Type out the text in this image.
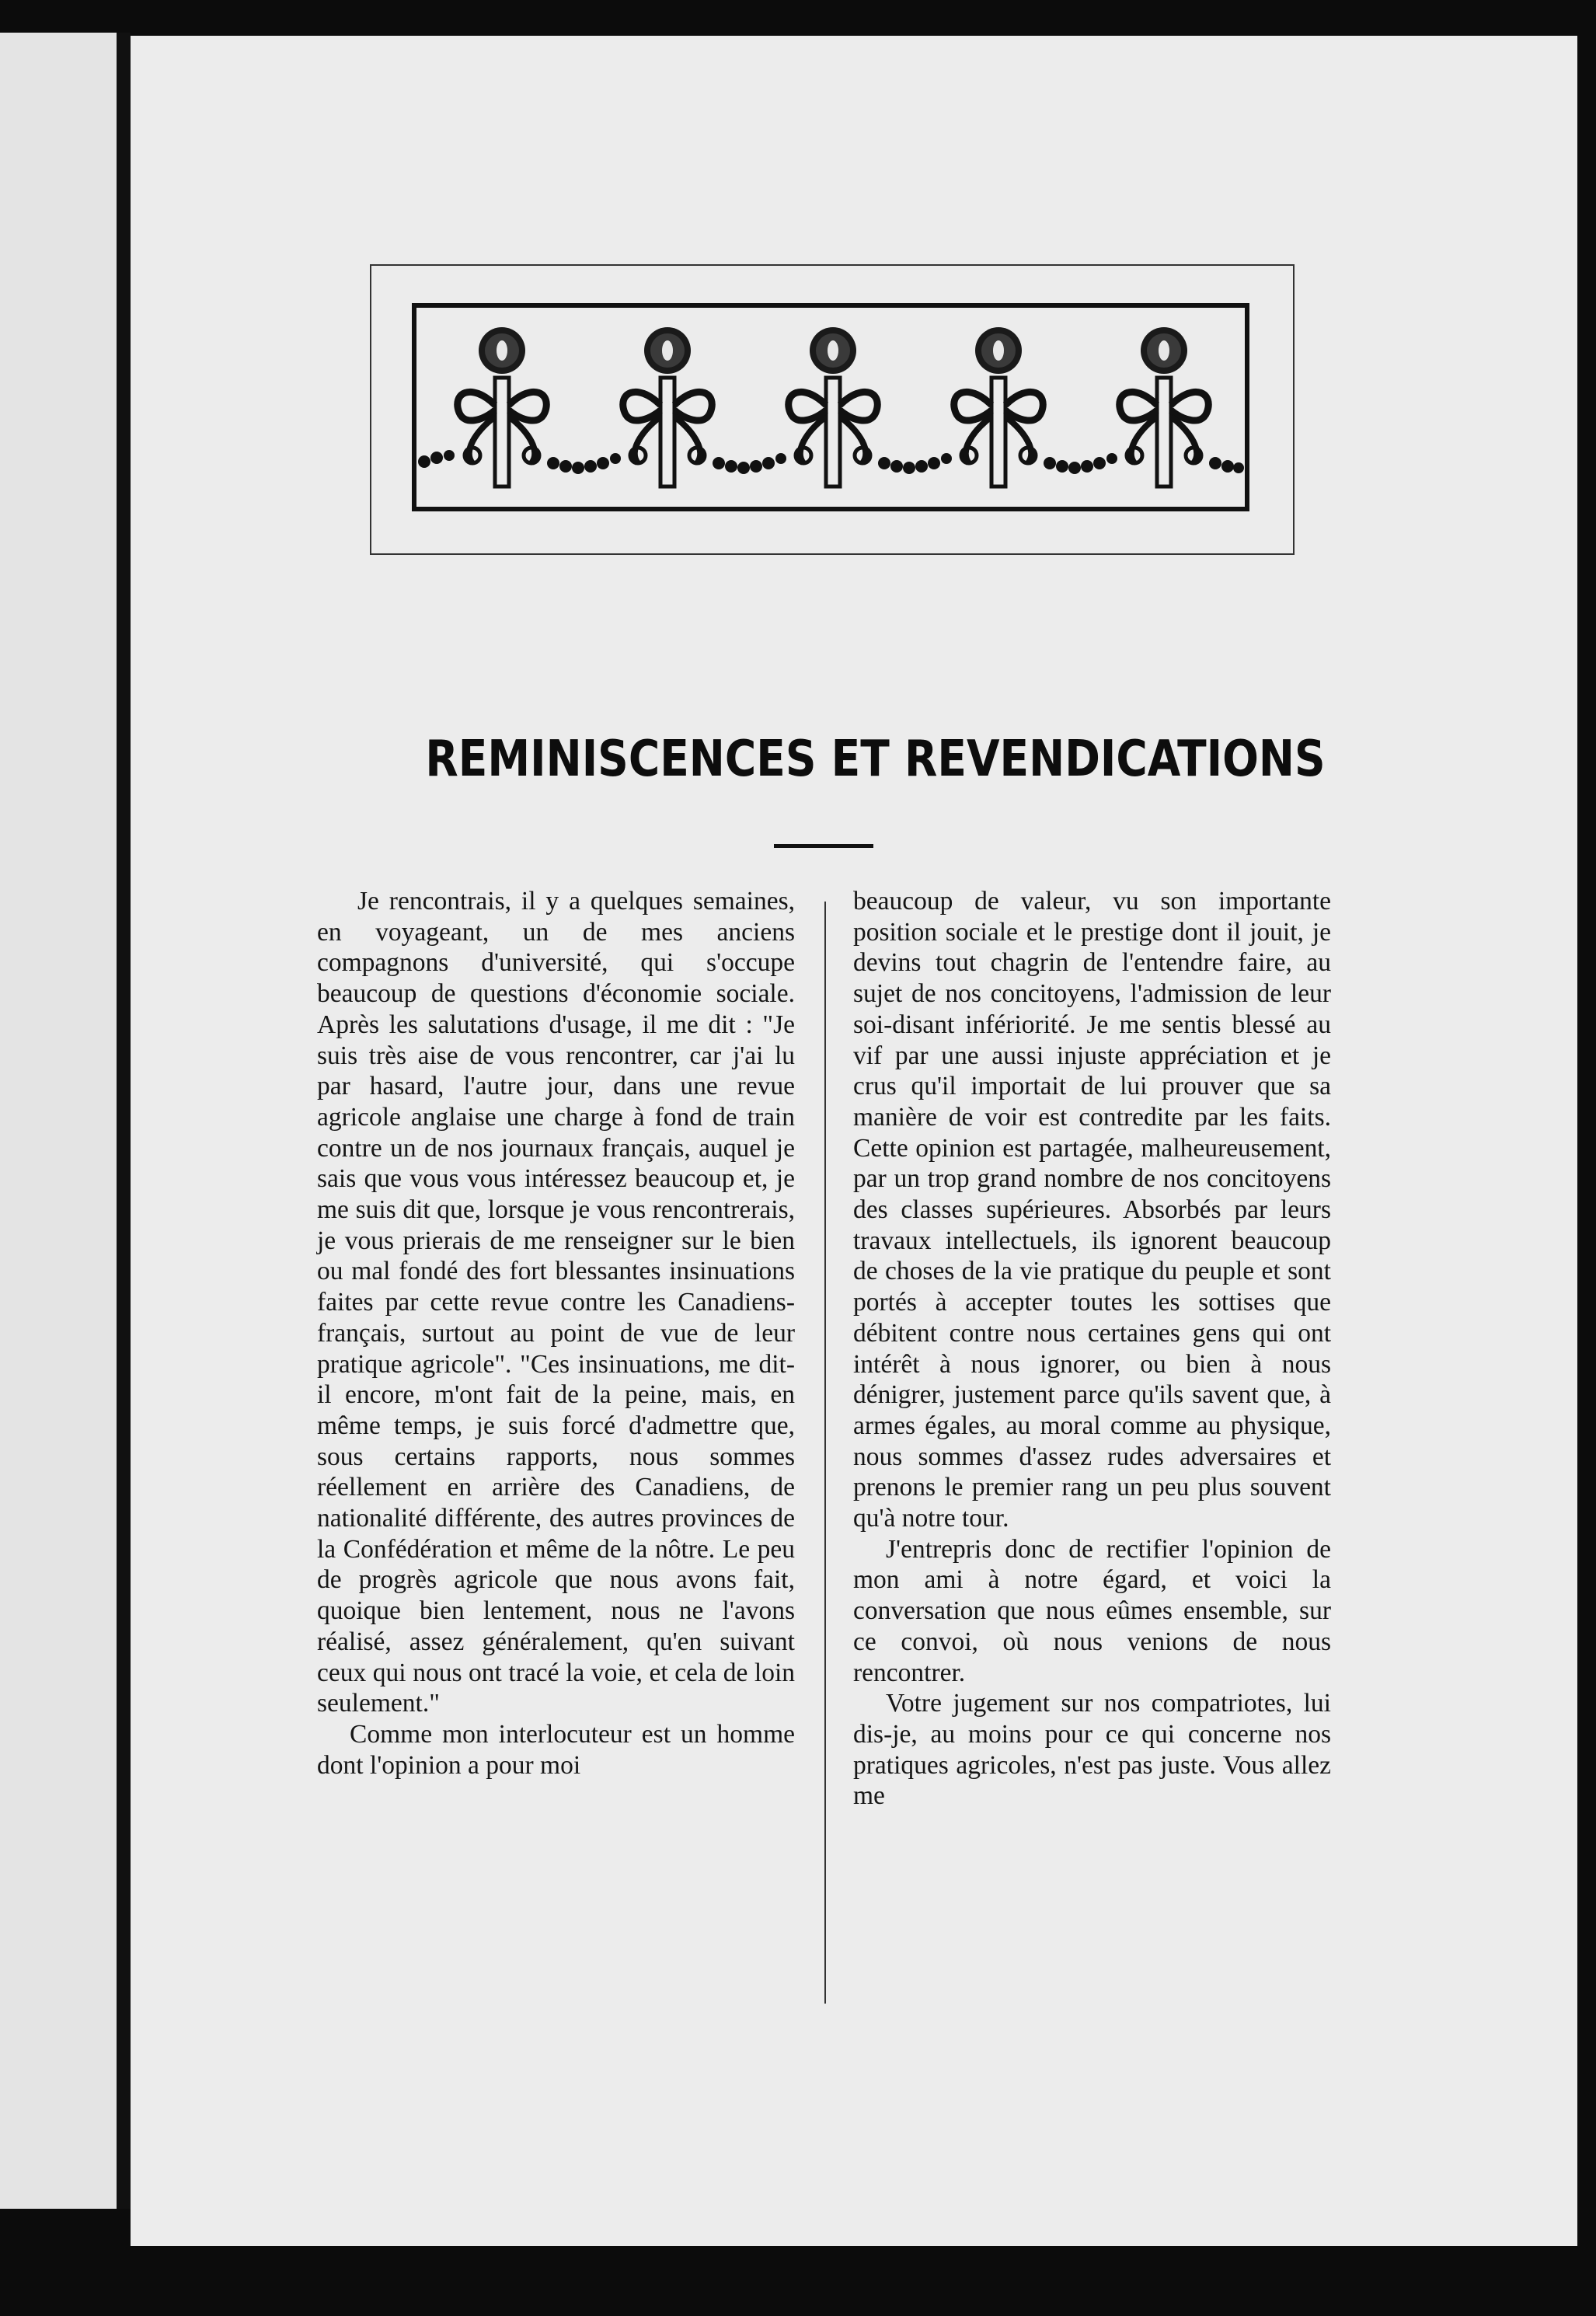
REMINISCENCES ET REVENDICATIONS

Je rencontrais, il y a quelques semaines, en voyageant, un de mes anciens compagnons d'université, qui s'occupe beaucoup de questions d'économie sociale. Après les salutations d'usage, il me dit : "Je suis très aise de vous rencontrer, car j'ai lu par hasard, l'autre jour, dans une revue agricole anglaise une charge à fond de train contre un de nos journaux français, auquel je sais que vous vous intéressez beaucoup et, je me suis dit que, lorsque je vous rencontrerais, je vous prierais de me renseigner sur le bien ou mal fondé des fort blessantes insinuations faites par cette revue contre les Canadiens-français, surtout au point de vue de leur pratique agricole". "Ces insinuations, me dit-il encore, m'ont fait de la peine, mais, en même temps, je suis forcé d'admettre que, sous certains rapports, nous sommes réellement en arrière des Canadiens, de nationalité différente, des autres provinces de la Confédération et même de la nôtre. Le peu de progrès agricole que nous avons fait, quoique bien lentement, nous ne l'avons réalisé, assez généralement, qu'en suivant ceux qui nous ont tracé la voie, et cela de loin seulement."

Comme mon interlocuteur est un homme dont l'opinion a pour moi

beaucoup de valeur, vu son importante position sociale et le prestige dont il jouit, je devins tout chagrin de l'entendre faire, au sujet de nos concitoyens, l'admission de leur soi-disant infériorité. Je me sentis blessé au vif par une aussi injuste appréciation et je crus qu'il importait de lui prouver que sa manière de voir est contredite par les faits. Cette opinion est partagée, malheureusement, par un trop grand nombre de nos concitoyens des classes supérieures. Absorbés par leurs travaux intellectuels, ils ignorent beaucoup de choses de la vie pratique du peuple et sont portés à accepter toutes les sottises que débitent contre nous certaines gens qui ont intérêt à nous ignorer, ou bien à nous dénigrer, justement parce qu'ils savent que, à armes égales, au moral comme au physique, nous sommes d'assez rudes adversaires et prenons le premier rang un peu plus souvent qu'à notre tour.

J'entrepris donc de rectifier l'opinion de mon ami à notre égard, et voici la conversation que nous eûmes ensemble, sur ce convoi, où nous venions de nous rencontrer.

Votre jugement sur nos compatriotes, lui dis-je, au moins pour ce qui concerne nos pratiques agricoles, n'est pas juste. Vous allez me
